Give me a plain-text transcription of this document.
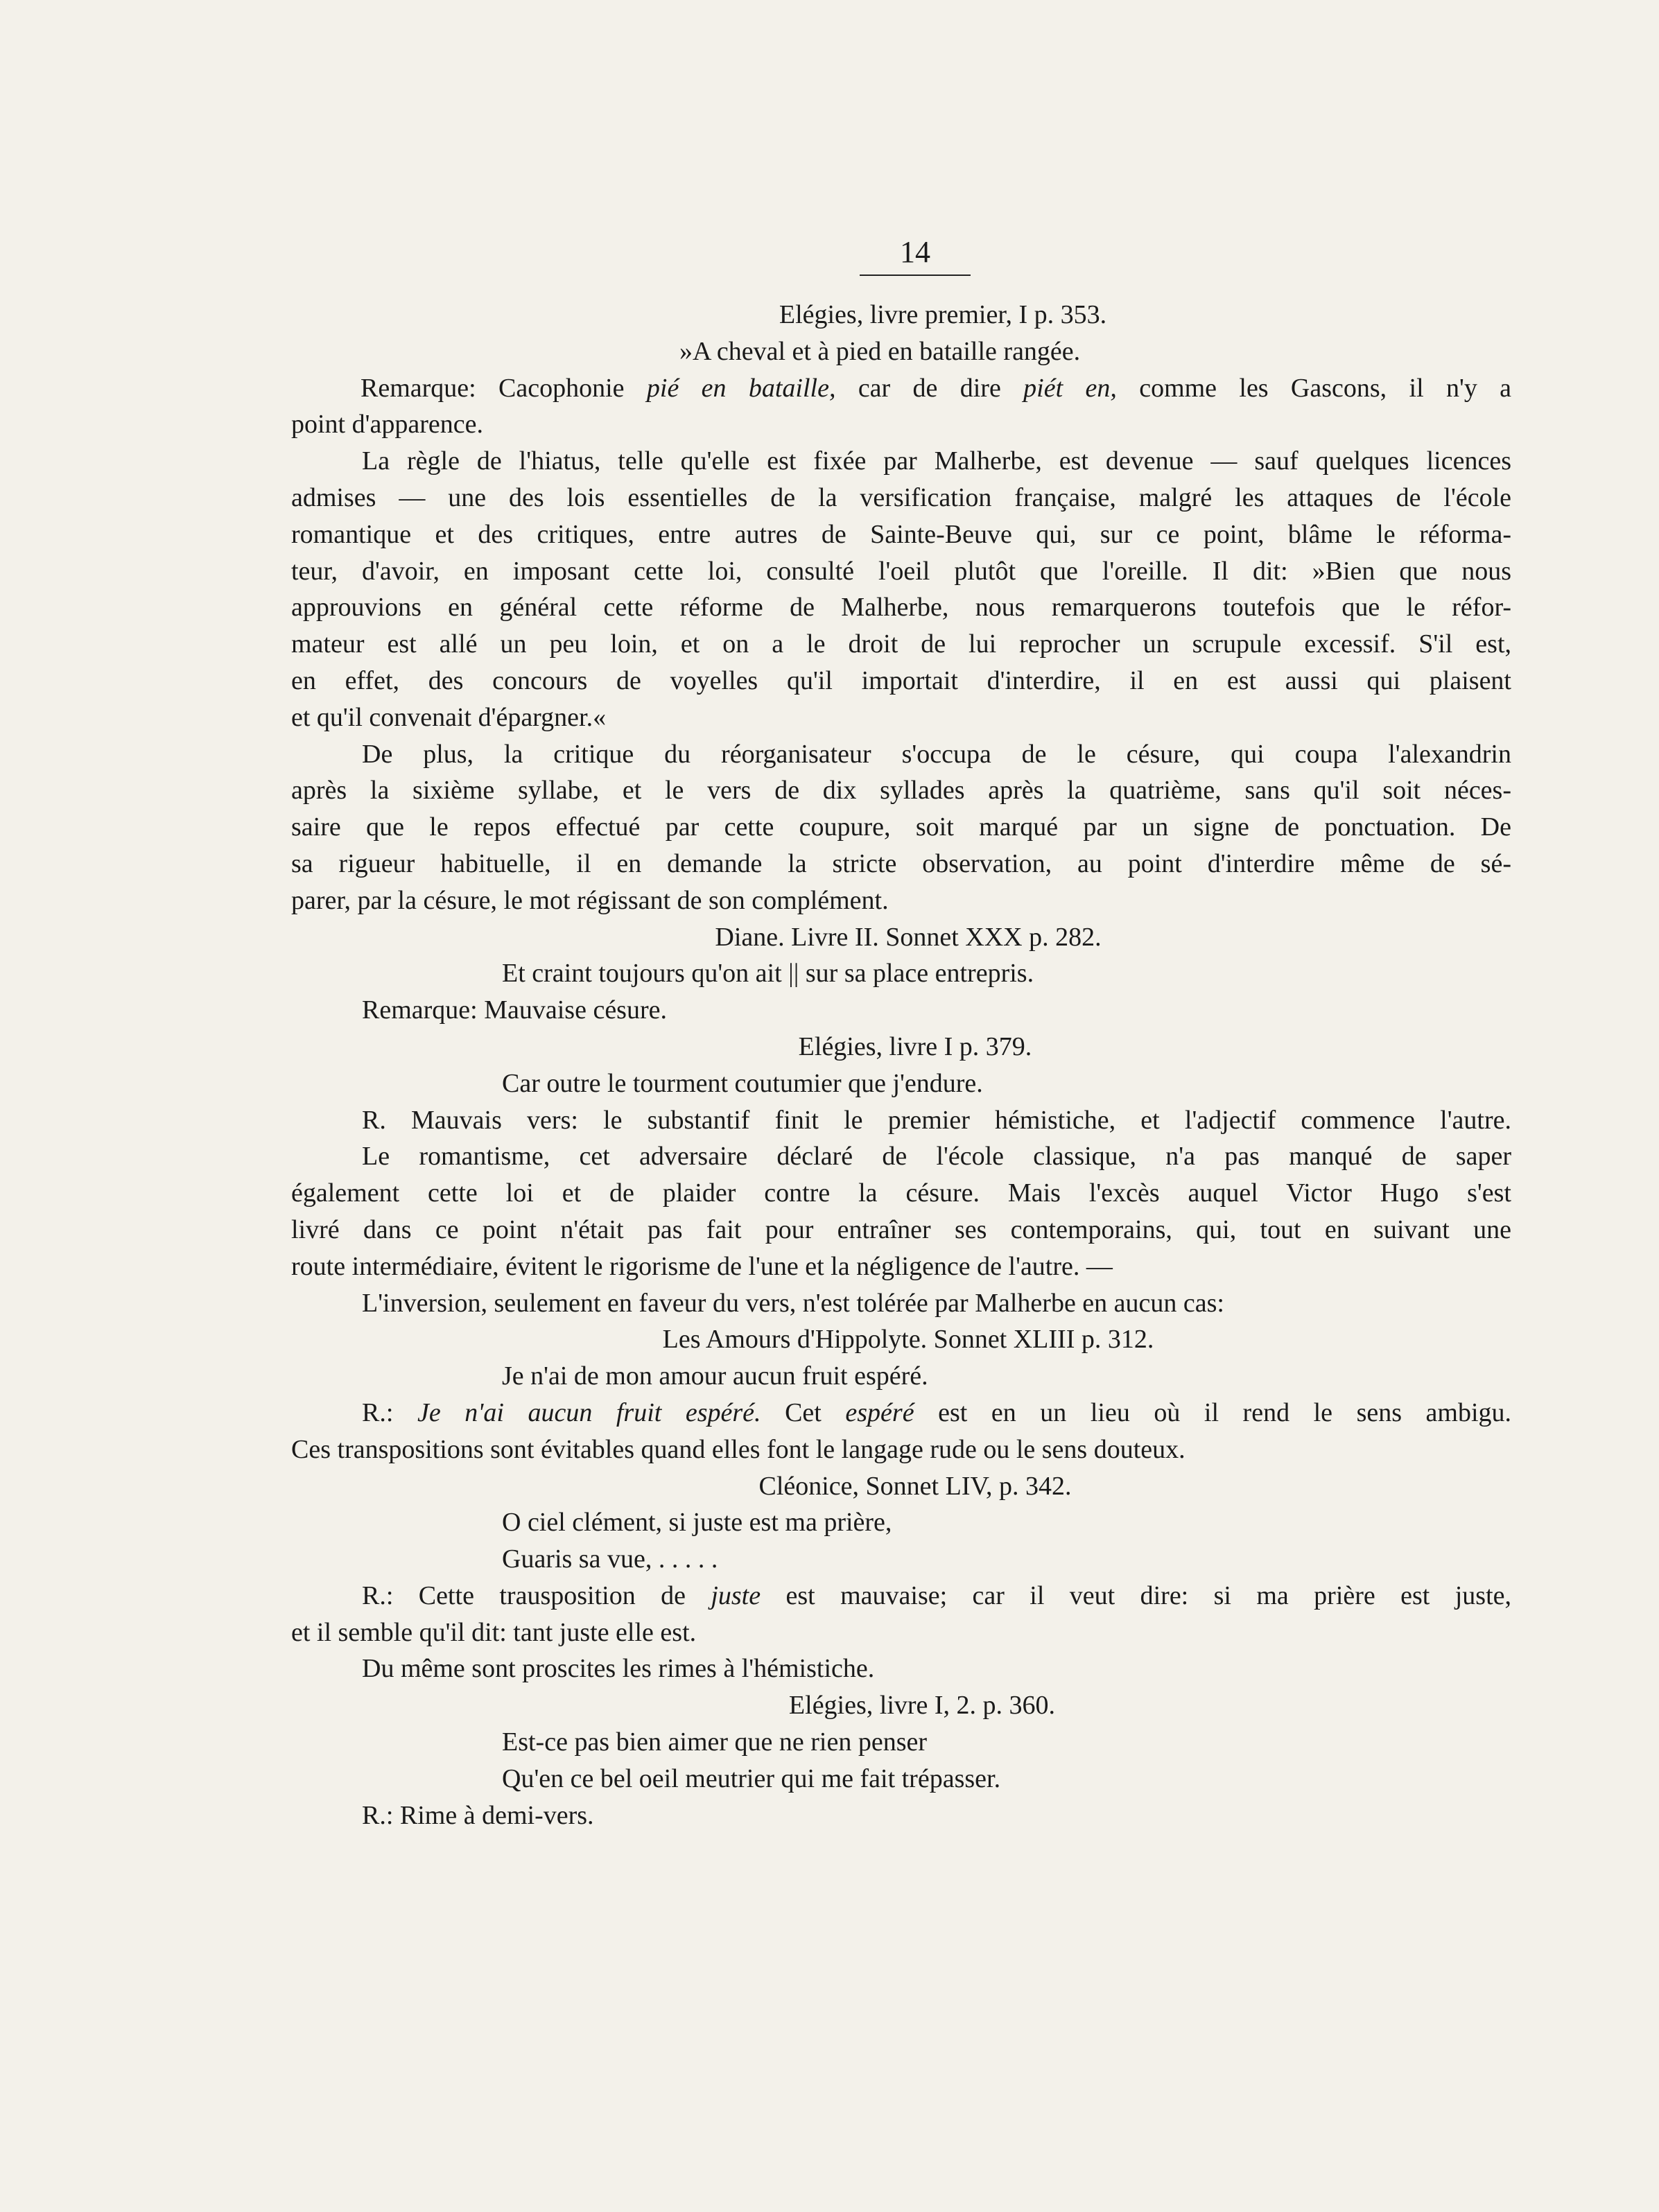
14

Elégies, livre premier, I p. 353.

»A cheval et à pied en bataille rangée.

Remarque: Cacophonie pié en bataille, car de dire piét en, comme les Gascons, il n'y a

point d'apparence.

La règle de l'hiatus, telle qu'elle est fixée par Malherbe, est devenue — sauf quelques licences

admises — une des lois essentielles de la versification française, malgré les attaques de l'école

romantique et des critiques, entre autres de Sainte-Beuve qui, sur ce point, blâme le réforma-

teur, d'avoir, en imposant cette loi, consulté l'oeil plutôt que l'oreille. Il dit: »Bien que nous

approuvions en général cette réforme de Malherbe, nous remarquerons toutefois que le réfor-

mateur est allé un peu loin, et on a le droit de lui reprocher un scrupule excessif. S'il est,

en effet, des concours de voyelles qu'il importait d'interdire, il en est aussi qui plaisent

et qu'il convenait d'épargner.«

De plus, la critique du réorganisateur s'occupa de le césure, qui coupa l'alexandrin

après la sixième syllabe, et le vers de dix syllades après la quatrième, sans qu'il soit néces-

saire que le repos effectué par cette coupure, soit marqué par un signe de ponctuation. De

sa rigueur habituelle, il en demande la stricte observation, au point d'interdire même de sé-

parer, par la césure, le mot régissant de son complément.

Diane. Livre II. Sonnet XXX p. 282.

Et craint toujours qu'on ait || sur sa place entrepris.

Remarque: Mauvaise césure.

Elégies, livre I p. 379.

Car outre le tourment coutumier que j'endure.

R. Mauvais vers: le substantif finit le premier hémistiche, et l'adjectif commence l'autre.

Le romantisme, cet adversaire déclaré de l'école classique, n'a pas manqué de saper

également cette loi et de plaider contre la césure. Mais l'excès auquel Victor Hugo s'est

livré dans ce point n'était pas fait pour entraîner ses contemporains, qui, tout en suivant une

route intermédiaire, évitent le rigorisme de l'une et la négligence de l'autre. —

L'inversion, seulement en faveur du vers, n'est tolérée par Malherbe en aucun cas:

Les Amours d'Hippolyte. Sonnet XLIII p. 312.

Je n'ai de mon amour aucun fruit espéré.

R.: Je n'ai aucun fruit espéré. Cet espéré est en un lieu où il rend le sens ambigu.

Ces transpositions sont évitables quand elles font le langage rude ou le sens douteux.

Cléonice, Sonnet LIV, p. 342.

O ciel clément, si juste est ma prière,

Guaris sa vue, . . . . .

R.: Cette trausposition de juste est mauvaise; car il veut dire: si ma prière est juste,

et il semble qu'il dit: tant juste elle est.

Du même sont proscites les rimes à l'hémistiche.

Elégies, livre I, 2. p. 360.

Est-ce pas bien aimer que ne rien penser

Qu'en ce bel oeil meutrier qui me fait trépasser.

R.: Rime à demi-vers.
